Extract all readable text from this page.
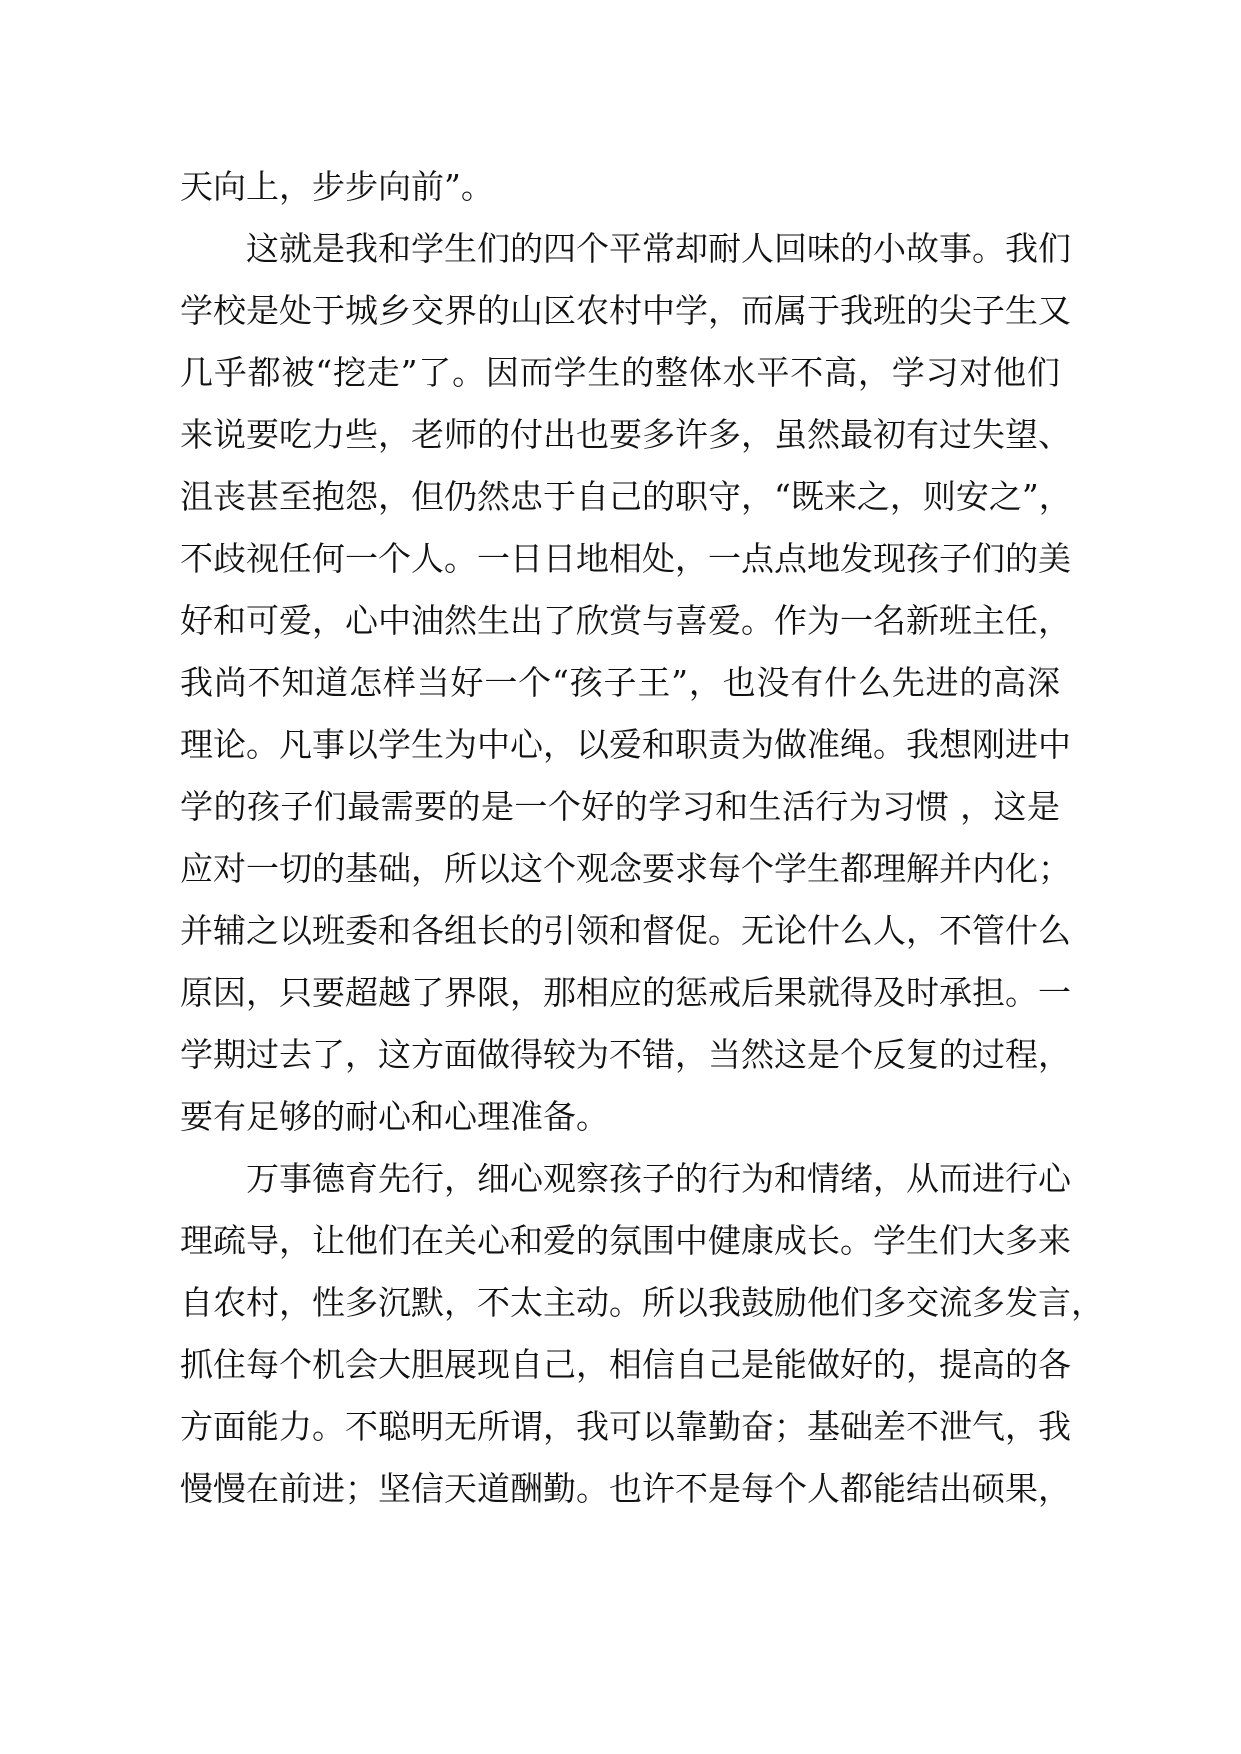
天向上，步步向前”。
这就是我和学生们的四个平常却耐人回味的小故事。我们
学校是处于城乡交界的山区农村中学，而属于我班的尖子生又
几乎都被“挖走”了。因而学生的整体水平不高，学习对他们
来说要吃力些，老师的付出也要多许多，虽然最初有过失望、
沮丧甚至抱怨，但仍然忠于自己的职守，“既来之，则安之”，
不歧视任何一个人。一日日地相处，一点点地发现孩子们的美
好和可爱，心中油然生出了欣赏与喜爱。作为一名新班主任，
我尚不知道怎样当好一个“孩子王”，也没有什么先进的高深
理论。凡事以学生为中心，以爱和职责为做准绳。我想刚进中
学的孩子们最需要的是一个好的学习和生活行为习惯 ，这是
应对一切的基础，所以这个观念要求每个学生都理解并内化；
并辅之以班委和各组长的引领和督促。无论什么人，不管什么
原因，只要超越了界限，那相应的惩戒后果就得及时承担。一
学期过去了，这方面做得较为不错，当然这是个反复的过程，
要有足够的耐心和心理准备。
万事德育先行，细心观察孩子的行为和情绪，从而进行心
理疏导，让他们在关心和爱的氛围中健康成长。学生们大多来
自农村，性多沉默，不太主动。所以我鼓励他们多交流多发言，
抓住每个机会大胆展现自己，相信自己是能做好的，提高的各
方面能力。不聪明无所谓，我可以靠勤奋；基础差不泄气，我
慢慢在前进；坚信天道酬勤。也许不是每个人都能结出硕果，
